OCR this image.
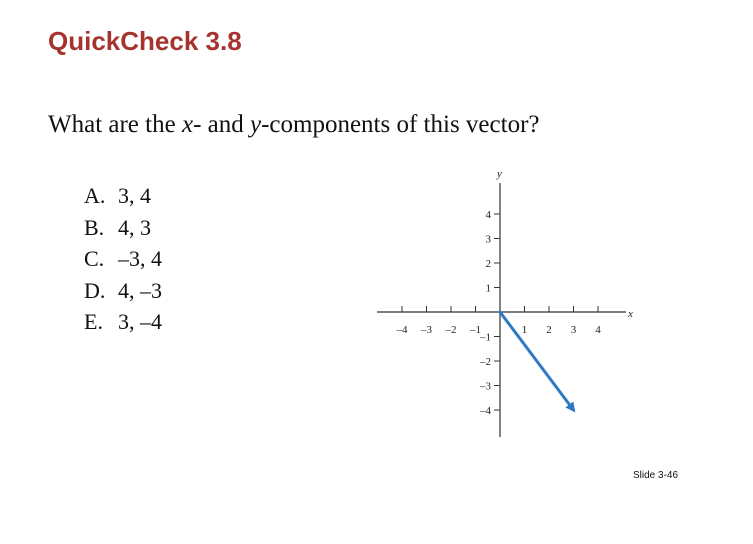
QuickCheck 3.8

What are the x- and y-components of this vector?

A. 3, 4
B. 4, 3
C. –3, 4
D. 4, –3
E. 3, –4	x
y
–4 –3 –2 –1	1 2 3 4
4
3
2
1
–1
–2
–3
–4
Slide 3-46
